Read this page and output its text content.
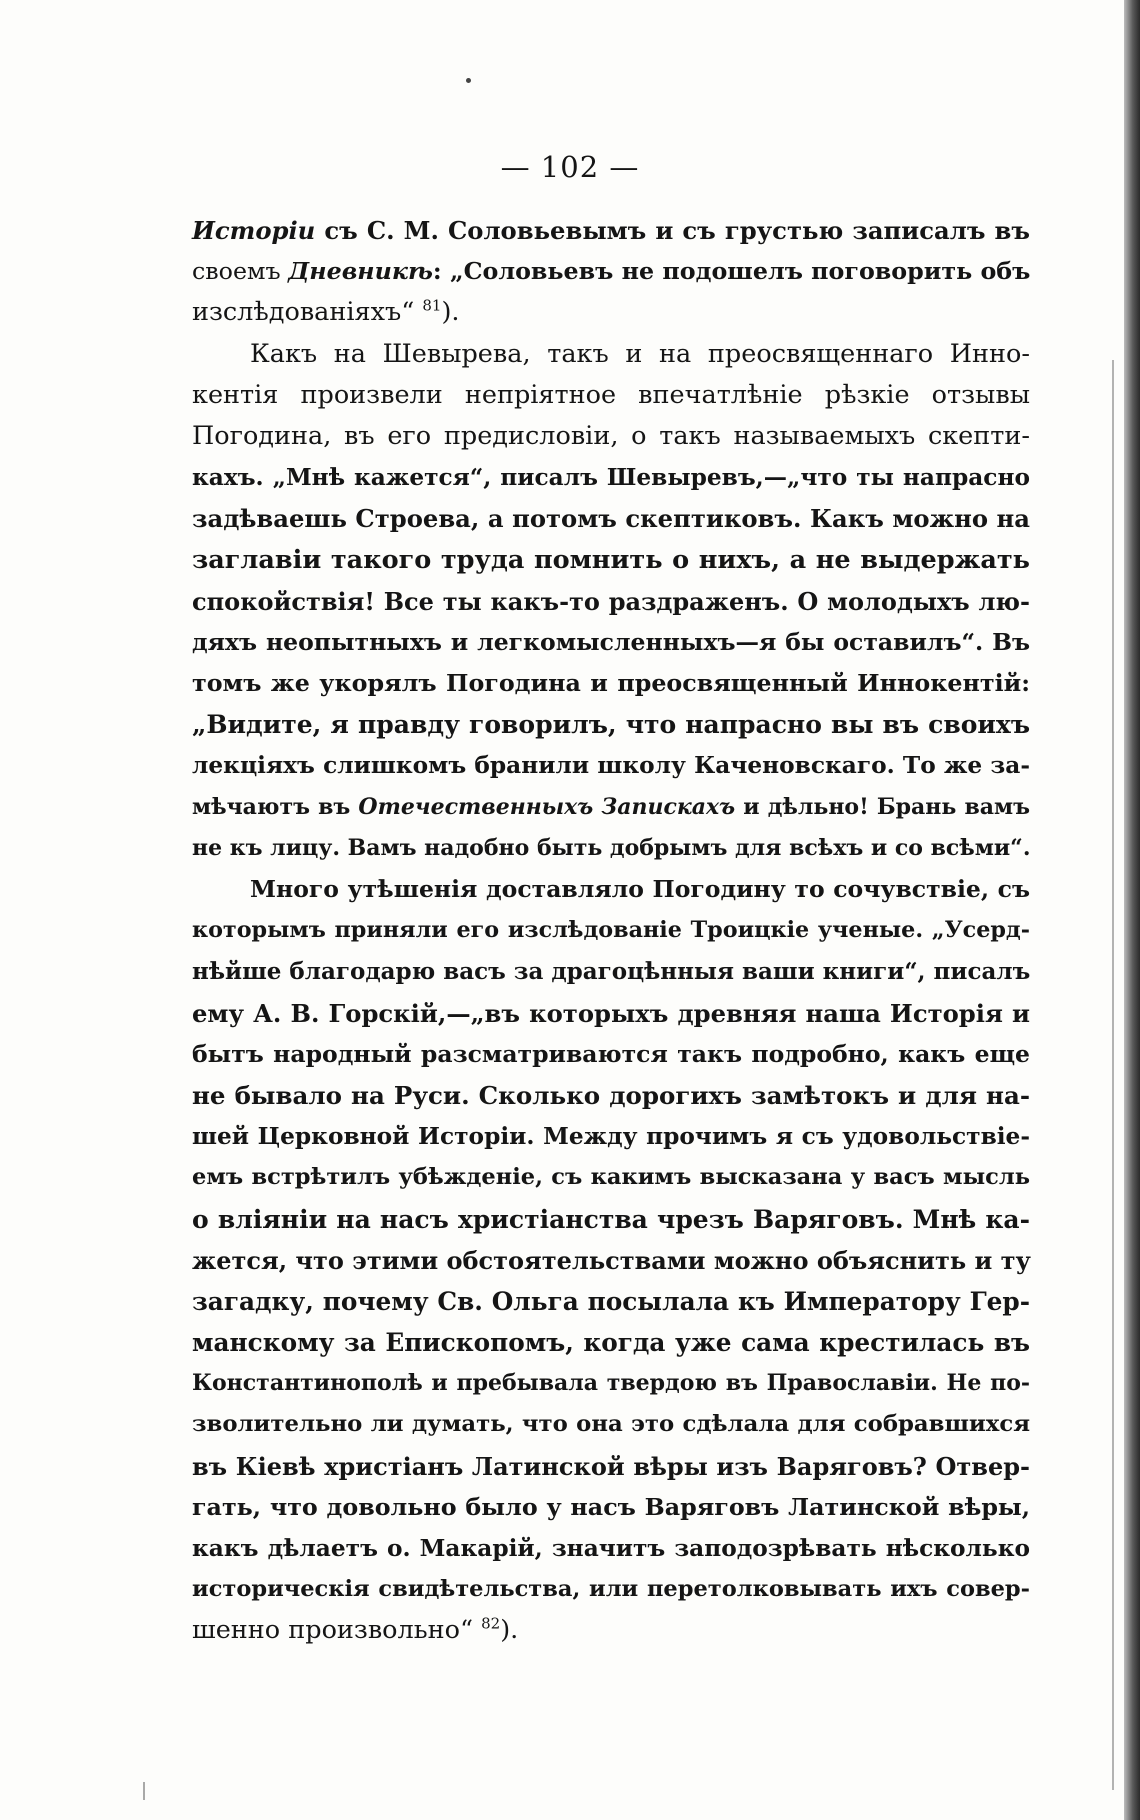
— 102 —
Исторіи съ С. М. Соловьевымъ и съ грустью записалъ въ
своемъ Дневникѣ: „Соловьевъ не подошелъ поговорить объ
изслѣдованіяхъ“ $^{81}$).
Какъ на Шевырева, такъ и на преосвященнаго Инно-
кентія произвели непріятное впечатлѣніе рѣзкіе отзывы
Погодина, въ его предисловіи, о такъ называемыхъ скепти-
кахъ. „Мнѣ кажется“, писалъ Шевыревъ,—„что ты напрасно
задѣваешь Строева, а потомъ скептиковъ. Какъ можно на
заглавіи такого труда помнить о нихъ, а не выдержать
спокойствія! Все ты какъ-то раздраженъ. О молодыхъ лю-
дяхъ неопытныхъ и легкомысленныхъ—я бы оставилъ“. Въ
томъ же укорялъ Погодина и преосвященный Иннокентій:
„Видите, я правду говорилъ, что напрасно вы въ своихъ
лекціяхъ слишкомъ бранили школу Каченовскаго. То же за-
мѣчаютъ въ Отечественныхъ Запискахъ и дѣльно! Брань вамъ
не къ лицу. Вамъ надобно быть добрымъ для всѣхъ и со всѣми“.
Много утѣшенія доставляло Погодину то сочувствіе, съ
которымъ приняли его изслѣдованіе Троицкіе ученые. „Усерд-
нѣйше благодарю васъ за драгоцѣнныя ваши книги“, писалъ
ему А. В. Горскій,—„въ которыхъ древняя наша Исторія и
бытъ народный разсматриваются такъ подробно, какъ еще
не бывало на Руси. Сколько дорогихъ замѣтокъ и для на-
шей Церковной Исторіи. Между прочимъ я съ удовольствіе-
емъ встрѣтилъ убѣжденіе, съ какимъ высказана у васъ мысль
о вліяніи на насъ христіанства чрезъ Варяговъ. Мнѣ ка-
жется, что этими обстоятельствами можно объяснить и ту
загадку, почему Св. Ольга посылала къ Императору Гер-
манскому за Епископомъ, когда уже сама крестилась въ
Константинополѣ и пребывала твердою въ Православіи. Не по-
зволительно ли думать, что она это сдѣлала для собравшихся
въ Кіевѣ христіанъ Латинской вѣры изъ Варяговъ? Отвер-
гать, что довольно было у насъ Варяговъ Латинской вѣры,
какъ дѣлаетъ о. Макарій, значитъ заподозрѣвать нѣсколько
историческія свидѣтельства, или перетолковывать ихъ совер-
шенно произвольно“ $^{82}$).
